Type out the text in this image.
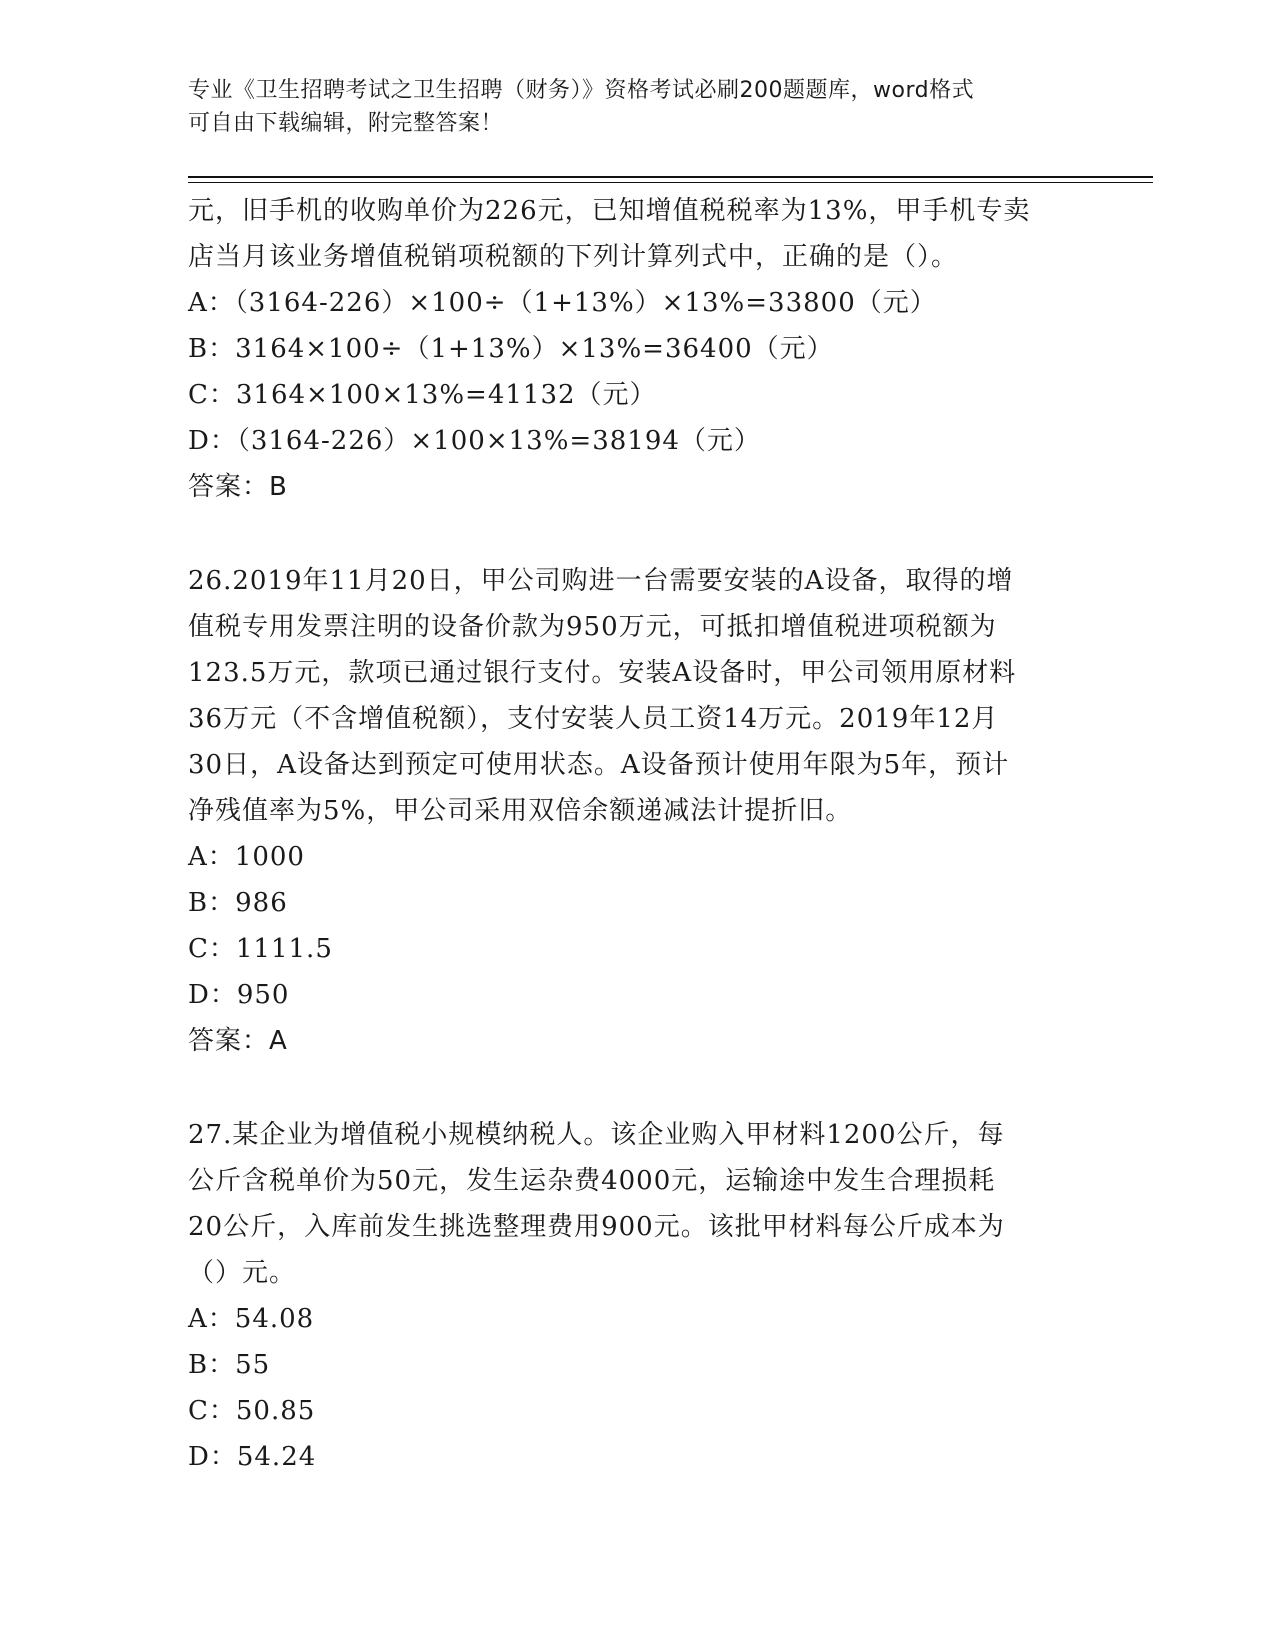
专业《卫生招聘考试之卫生招聘（财务）》资格考试必刷200题题库，word格式
可自由下载编辑，附完整答案！

元，旧手机的收购单价为226元，已知增值税税率为13%，甲手机专卖

店当月该业务增值税销项税额的下列计算列式中，正确的是（）。

A：（3164-226）×100÷（1+13%）×13%=33800（元）

B：3164×100÷（1+13%）×13%=36400（元）

C：3164×100×13%=41132（元）

D：（3164-226）×100×13%=38194（元）

答案：B

26.2019年11月20日，甲公司购进一台需要安装的A设备，取得的增

值税专用发票注明的设备价款为950万元，可抵扣增值税进项税额为

123.5万元，款项已通过银行支付。安装A设备时，甲公司领用原材料

36万元（不含增值税额），支付安装人员工资14万元。2019年12月

30日，A设备达到预定可使用状态。A设备预计使用年限为5年，预计

净残值率为5%，甲公司采用双倍余额递减法计提折旧。

A：1000

B：986

C：1111.5

D：950

答案：A

27.某企业为增值税小规模纳税人。该企业购入甲材料1200公斤，每

公斤含税单价为50元，发生运杂费4000元，运输途中发生合理损耗

20公斤，入库前发生挑选整理费用900元。该批甲材料每公斤成本为

（）元。

A：54.08

B：55

C：50.85

D：54.24
